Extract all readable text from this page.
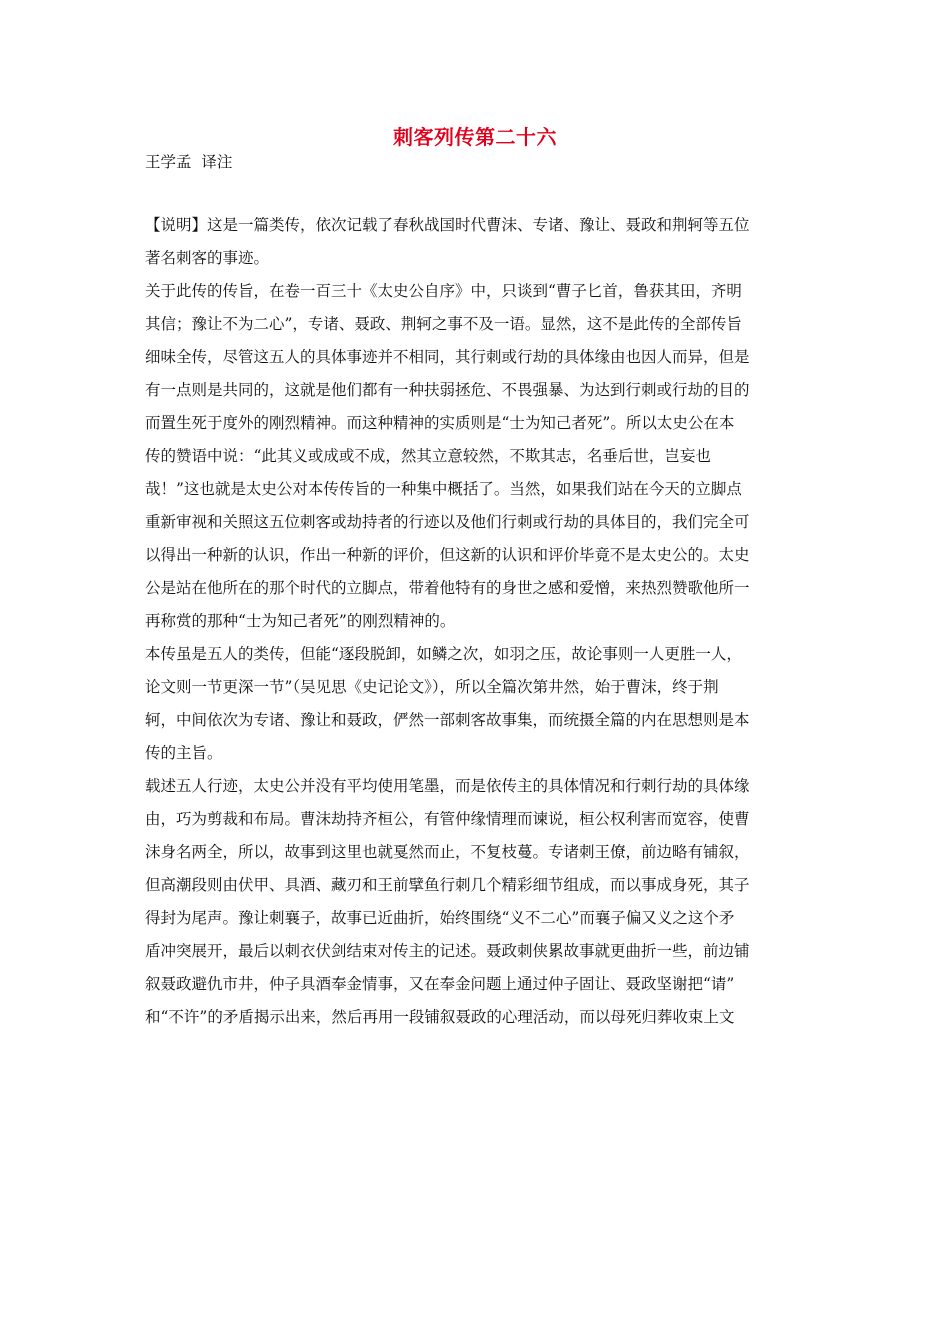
刺客列传第二十六
王学孟  译注
【说明】这是一篇类传，依次记载了春秋战国时代曹沫、专诸、豫让、聂政和荆轲等五位
著名刺客的事迹。
关于此传的传旨，在卷一百三十《太史公自序》中，只谈到“曹子匕首，鲁获其田，齐明
其信；豫让不为二心”，专诸、聂政、荆轲之事不及一语。显然，这不是此传的全部传旨
细味全传，尽管这五人的具体事迹并不相同，其行刺或行劫的具体缘由也因人而异，但是
有一点则是共同的，这就是他们都有一种扶弱拯危、不畏强暴、为达到行刺或行劫的目的
而置生死于度外的刚烈精神。而这种精神的实质则是“士为知己者死”。所以太史公在本
传的赞语中说：“此其义或成或不成，然其立意较然，不欺其志，名垂后世，岂妄也
哉！”这也就是太史公对本传传旨的一种集中概括了。当然，如果我们站在今天的立脚点
重新审视和关照这五位刺客或劫持者的行迹以及他们行刺或行劫的具体目的，我们完全可
以得出一种新的认识，作出一种新的评价，但这新的认识和评价毕竟不是太史公的。太史
公是站在他所在的那个时代的立脚点，带着他特有的身世之感和爱憎，来热烈赞歌他所一
再称赏的那种“士为知己者死”的刚烈精神的。
本传虽是五人的类传，但能“逐段脱卸，如鳞之次，如羽之压，故论事则一人更胜一人，
论文则一节更深一节”（吴见思《史记论文》），所以全篇次第井然，始于曹沫，终于荆
轲，中间依次为专诸、豫让和聂政，俨然一部刺客故事集，而统摄全篇的内在思想则是本
传的主旨。
载述五人行迹，太史公并没有平均使用笔墨，而是依传主的具体情况和行刺行劫的具体缘
由，巧为剪裁和布局。曹沫劫持齐桓公，有管仲缘情理而谏说，桓公权利害而宽容，使曹
沫身名两全，所以，故事到这里也就戛然而止，不复枝蔓。专诸刺王僚，前边略有铺叙，
但高潮段则由伏甲、具酒、藏刃和王前擘鱼行刺几个精彩细节组成，而以事成身死，其子
得封为尾声。豫让刺襄子，故事已近曲折，始终围绕“义不二心”而襄子偏又义之这个矛
盾冲突展开，最后以刺衣伏剑结束对传主的记述。聂政刺侠累故事就更曲折一些，前边铺
叙聂政避仇市井，仲子具酒奉金情事，又在奉金问题上通过仲子固让、聂政坚谢把“请”
和“不许”的矛盾揭示出来，然后再用一段铺叙聂政的心理活动，而以母死归葬收束上文
